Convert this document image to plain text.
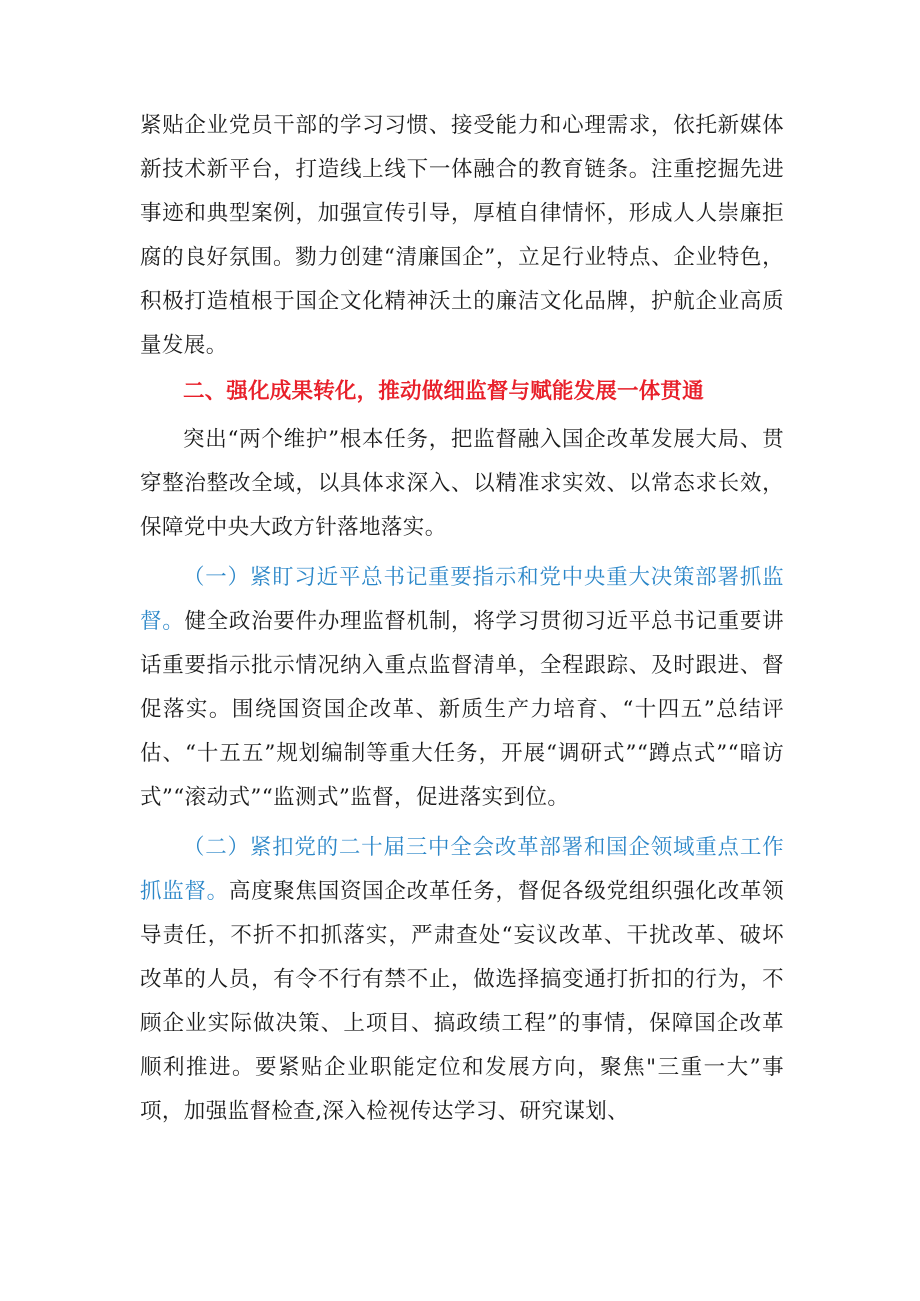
紧贴企业党员干部的学习习惯、接受能力和心理需求，依托新媒体新技术新平台，打造线上线下一体融合的教育链条。注重挖掘先进事迹和典型案例，加强宣传引导，厚植自律情怀，形成人人崇廉拒腐的良好氛围。勠力创建“清廉国企”，立足行业特点、企业特色，积极打造植根于国企文化精神沃土的廉洁文化品牌，护航企业高质量发展。

二、强化成果转化，推动做细监督与赋能发展一体贯通

突出“两个维护”根本任务，把监督融入国企改革发展大局、贯穿整治整改全域，以具体求深入、以精准求实效、以常态求长效，保障党中央大政方针落地落实。

（一）紧盯习近平总书记重要指示和党中央重大决策部署抓监督。健全政治要件办理监督机制，将学习贯彻习近平总书记重要讲话重要指示批示情况纳入重点监督清单，全程跟踪、及时跟进、督促落实。围绕国资国企改革、新质生产力培育、“十四五”总结评估、“十五五”规划编制等重大任务，开展“调研式”“蹲点式”“暗访式”“滚动式”“监测式”监督，促进落实到位。

（二）紧扣党的二十届三中全会改革部署和国企领域重点工作抓监督。高度聚焦国资国企改革任务，督促各级党组织强化改革领导责任，不折不扣抓落实，严肃查处“妄议改革、干扰改革、破坏改革的人员，有令不行有禁不止，做选择搞变通打折扣的行为，不顾企业实际做决策、上项目、搞政绩工程”的事情，保障国企改革顺利推进。要紧贴企业职能定位和发展方向，聚焦"三重一大”事项，加强监督检查,深入检视传达学习、研究谋划、
